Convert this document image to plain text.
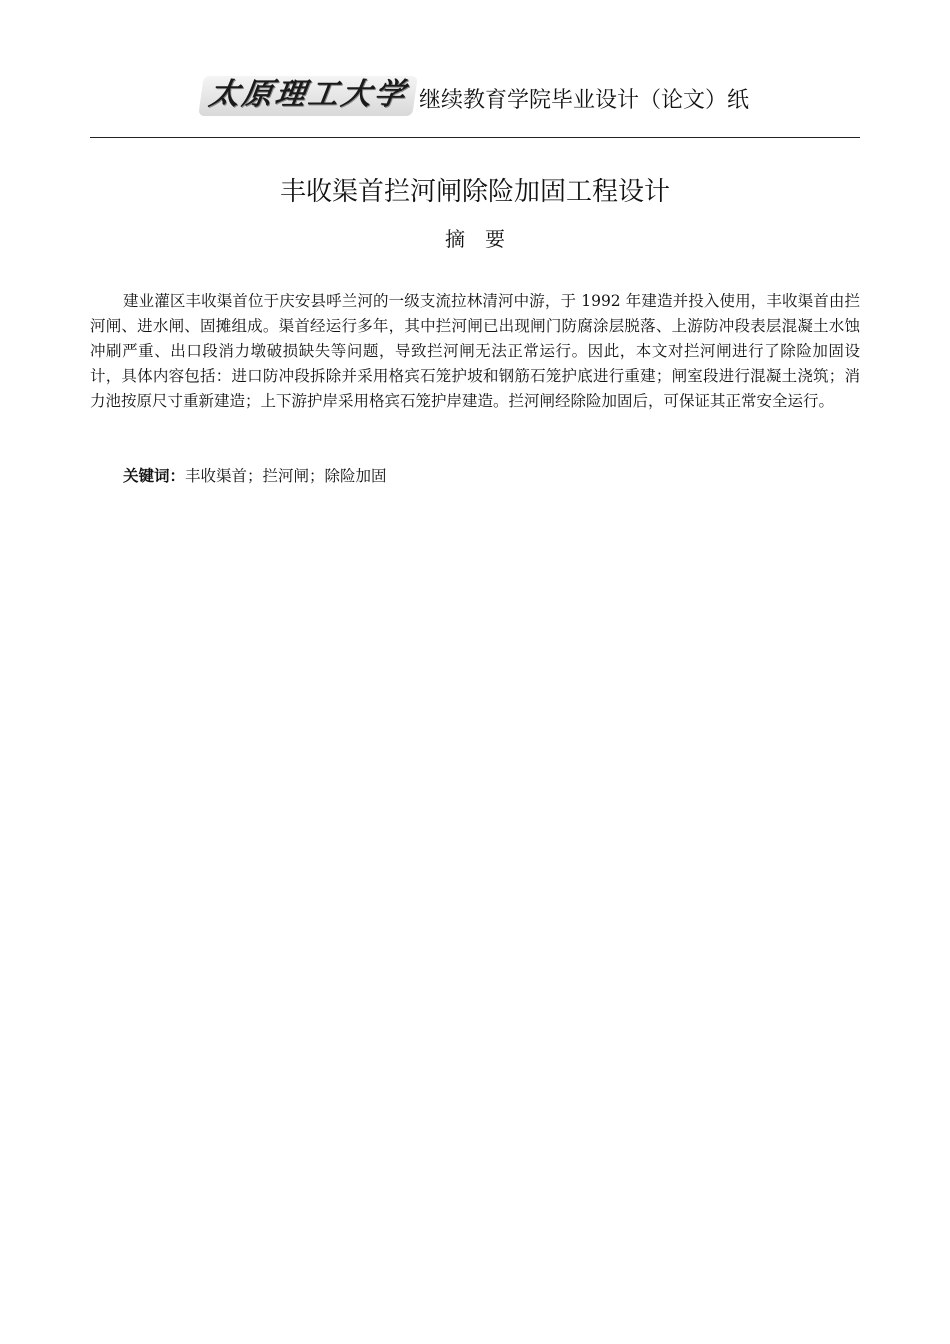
太原理工大学 继续教育学院毕业设计（论文）纸
丰收渠首拦河闸除险加固工程设计
摘要

建业灌区丰收渠首位于庆安县呼兰河的一级支流拉林清河中游，于 1992 年建造并投入使用，丰收渠首由拦河闸、进水闸、固摊组成。渠首经运行多年，其中拦河闸已出现闸门防腐涂层脱落、上游防冲段表层混凝土水蚀冲刷严重、出口段消力墩破损缺失等问题，导致拦河闸无法正常运行。因此，本文对拦河闸进行了除险加固设计，具体内容包括：进口防冲段拆除并采用格宾石笼护坡和钢筋石笼护底进行重建；闸室段进行混凝土浇筑；消力池按原尺寸重新建造；上下游护岸采用格宾石笼护岸建造。拦河闸经除险加固后，可保证其正常安全运行。

关键词：丰收渠首；拦河闸；除险加固
